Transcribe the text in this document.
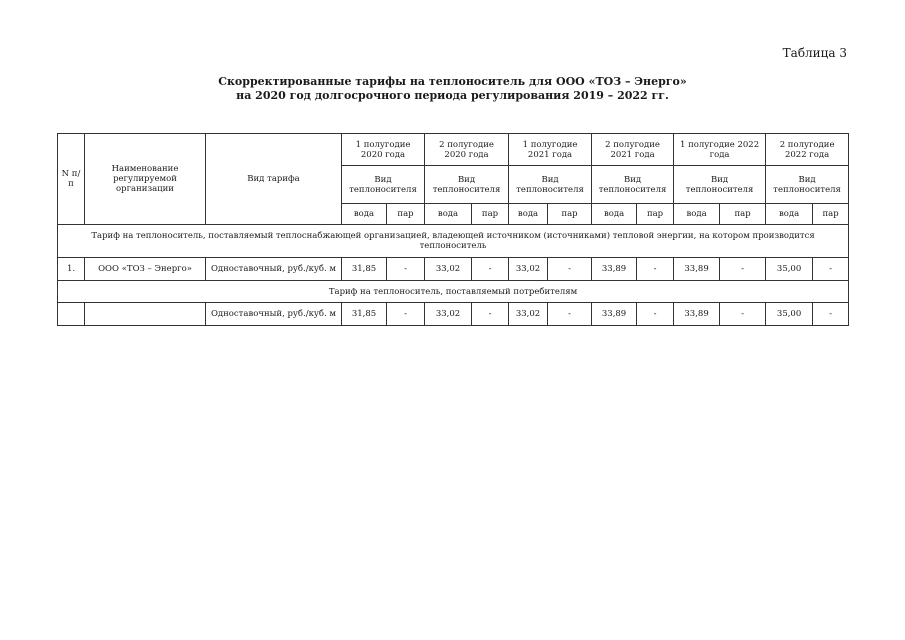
Таблица 3
Скорректированные тарифы на теплоноситель для ООО «ТОЗ – Энерго»
на 2020 год долгосрочного периода регулирования 2019 – 2022 гг.
N п/п	Наименование регулируемой организации	Вид тарифа	1 полугодие 2020 года		2 полугодие 2020 года		1 полугодие 2021 года		2 полугодие 2021 года		1 полугодие 2022 года		2 полугодие 2022 года	
			Вид теплоносителя		Вид теплоносителя		Вид теплоносителя		Вид теплоносителя		Вид теплоносителя		Вид теплоносителя	
			вода	пар	вода	пар	вода	пар	вода	пар	вода	пар	вода	пар
Тариф на теплоноситель, поставляемый теплоснабжающей организацией, владеющей источником (источниками) тепловой энергии, на котором производится теплоноситель														
1.	ООО «ТОЗ – Энерго»	Одноставочный, руб./куб. м	31,85	-	33,02	-	33,02	-	33,89	-	33,89	-	35,00	-
Тариф на теплоноситель, поставляемый потребителям														
		Одноставочный, руб./куб. м	31,85	-	33,02	-	33,02	-	33,89	-	33,89	-	35,00	-
